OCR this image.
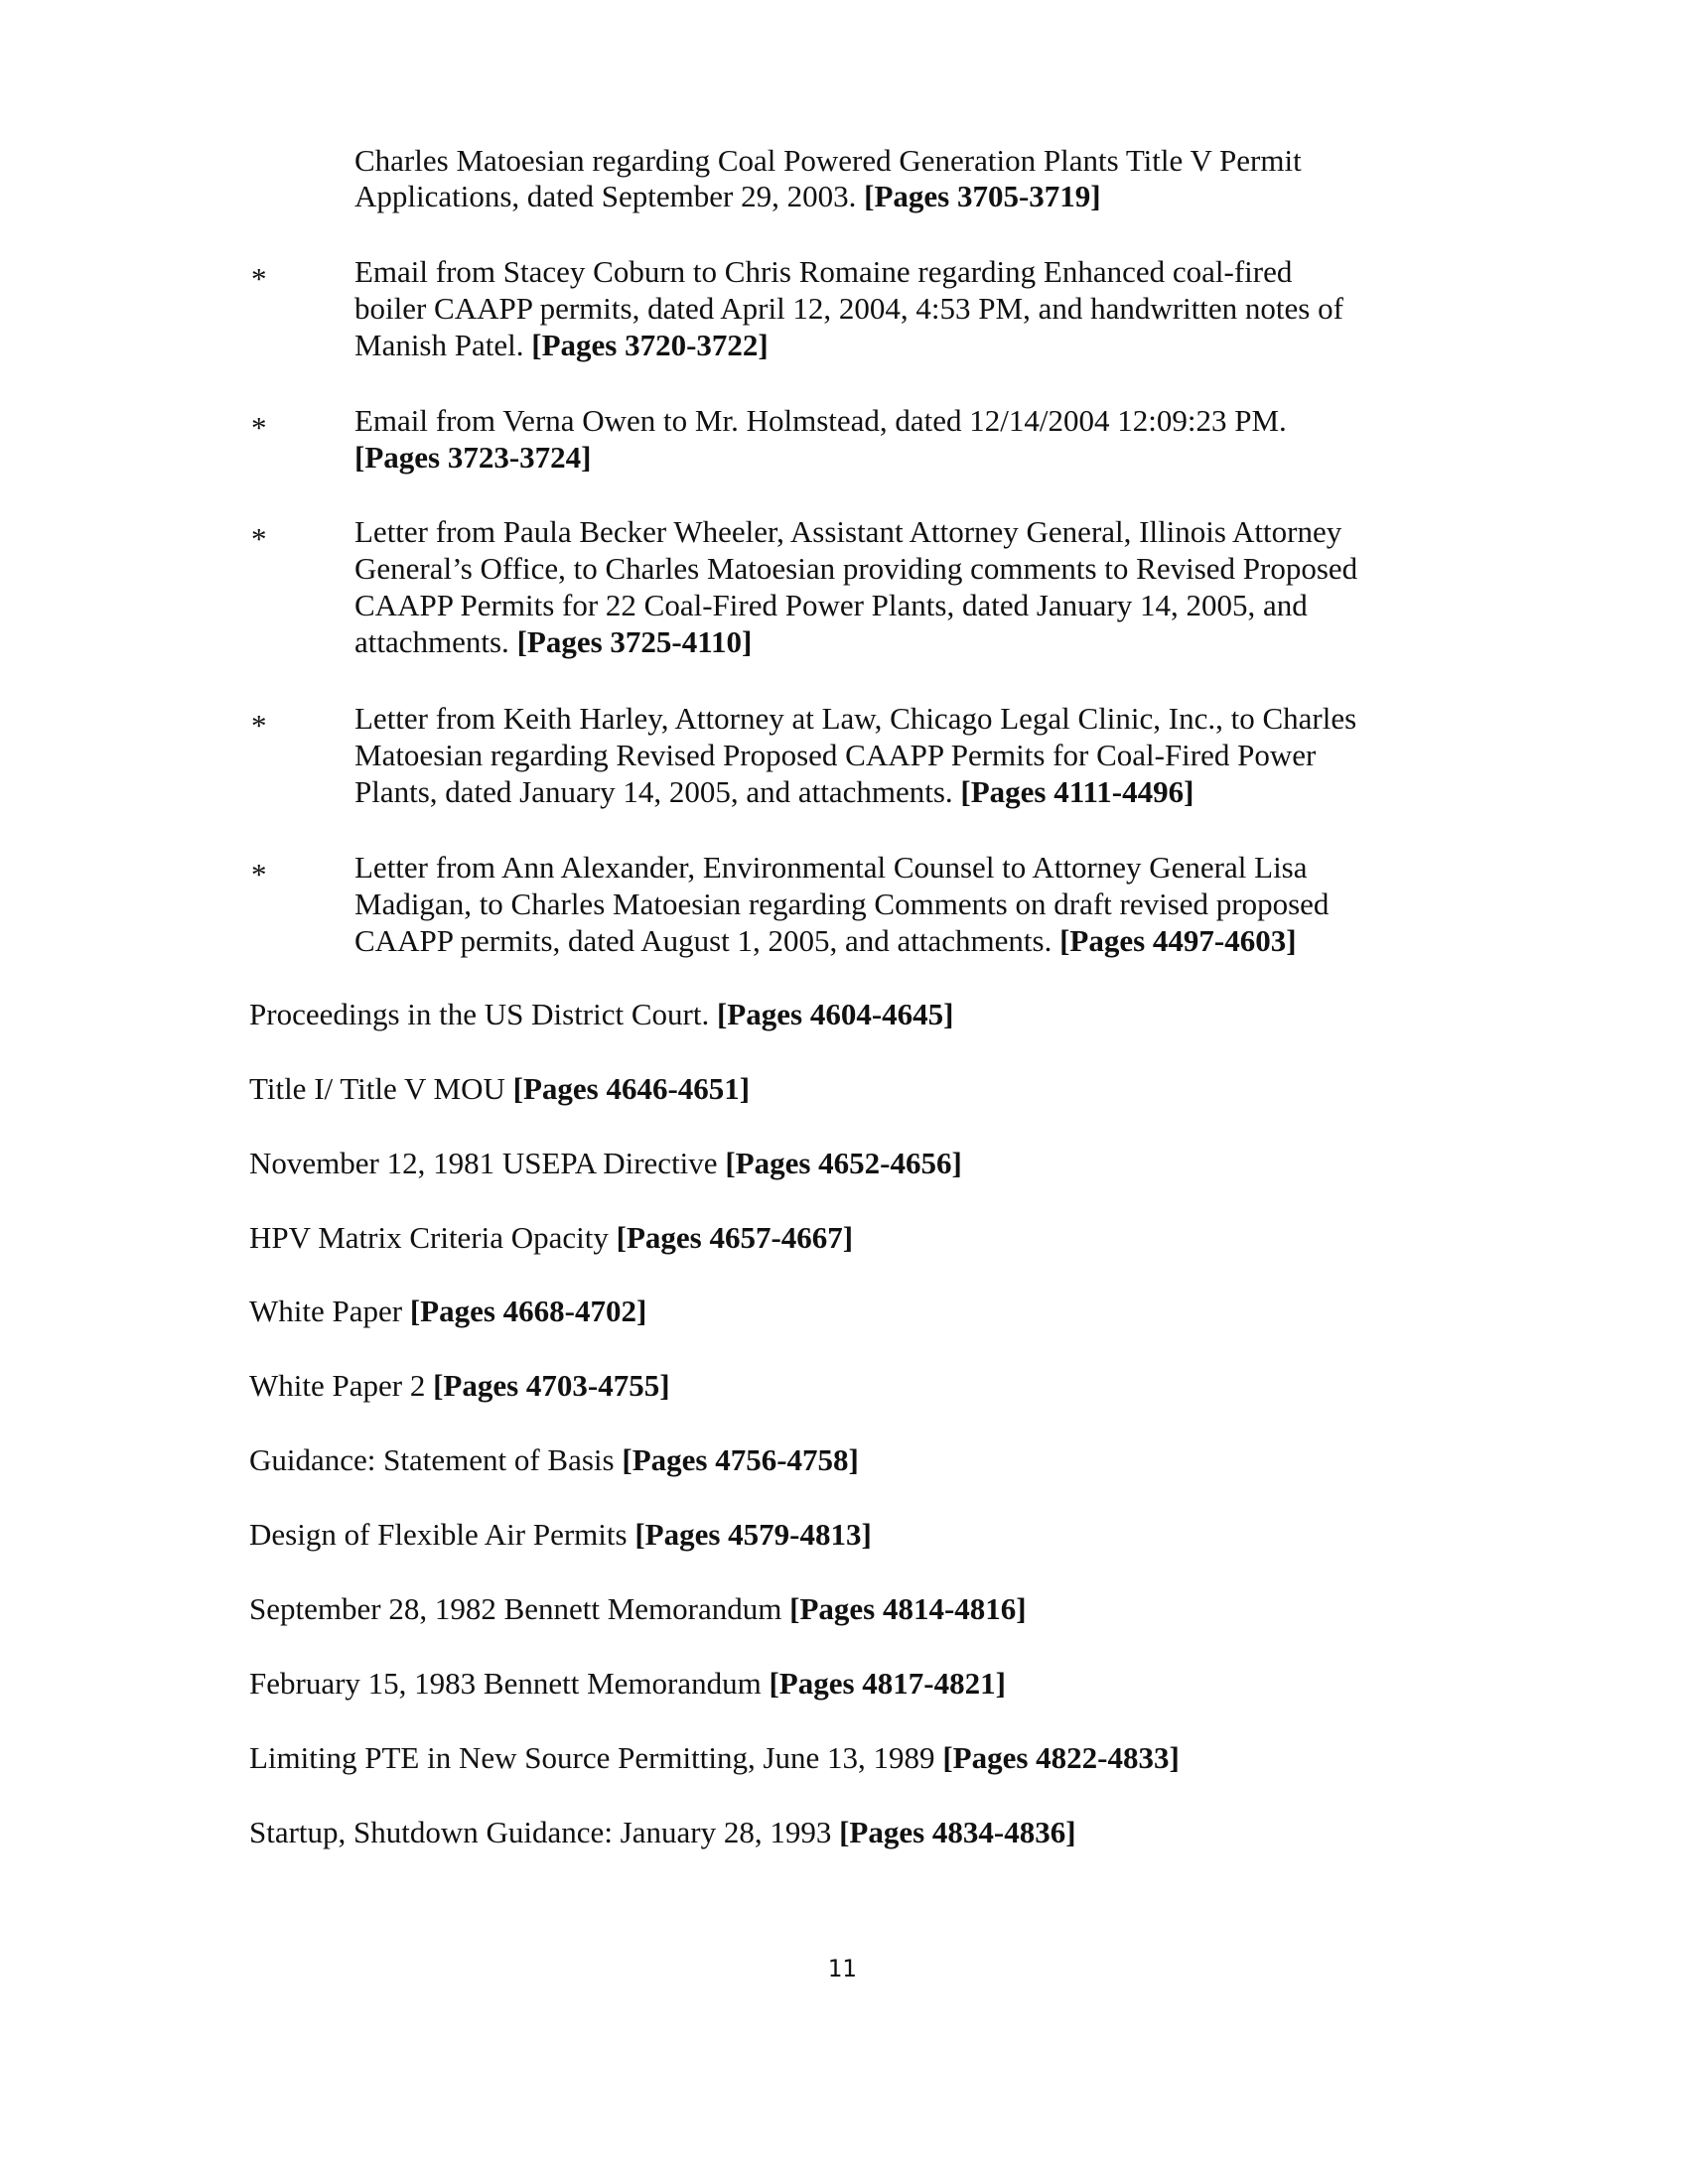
Charles Matoesian regarding Coal Powered Generation Plants Title V Permit
Applications, dated September 29, 2003. [Pages 3705-3719]
*	Email from Stacey Coburn to Chris Romaine regarding Enhanced coal-fired
boiler CAAPP permits, dated April 12, 2004, 4:53 PM, and handwritten notes of
Manish Patel. [Pages 3720-3722]
*	Email from Verna Owen to Mr. Holmstead, dated 12/14/2004 12:09:23 PM.
[Pages 3723-3724]
*	Letter from Paula Becker Wheeler, Assistant Attorney General, Illinois Attorney
General’s Office, to Charles Matoesian providing comments to Revised Proposed
CAAPP Permits for 22 Coal-Fired Power Plants, dated January 14, 2005, and
attachments. [Pages 3725-4110]
*	Letter from Keith Harley, Attorney at Law, Chicago Legal Clinic, Inc., to Charles
Matoesian regarding Revised Proposed CAAPP Permits for Coal-Fired Power
Plants, dated January 14, 2005, and attachments. [Pages 4111-4496]
*	Letter from Ann Alexander, Environmental Counsel to Attorney General Lisa
Madigan, to Charles Matoesian regarding Comments on draft revised proposed
CAAPP permits, dated August 1, 2005, and attachments. [Pages 4497-4603]
Proceedings in the US District Court. [Pages 4604-4645]
Title I/ Title V MOU [Pages 4646-4651]
November 12, 1981 USEPA Directive [Pages 4652-4656]
HPV Matrix Criteria Opacity [Pages 4657-4667]
White Paper [Pages 4668-4702]
White Paper 2 [Pages 4703-4755]
Guidance: Statement of Basis [Pages 4756-4758]
Design of Flexible Air Permits [Pages 4579-4813]
September 28, 1982 Bennett Memorandum [Pages 4814-4816]
February 15, 1983 Bennett Memorandum [Pages 4817-4821]
Limiting PTE in New Source Permitting, June 13, 1989 [Pages 4822-4833]
Startup, Shutdown Guidance: January 28, 1993 [Pages 4834-4836]
11
